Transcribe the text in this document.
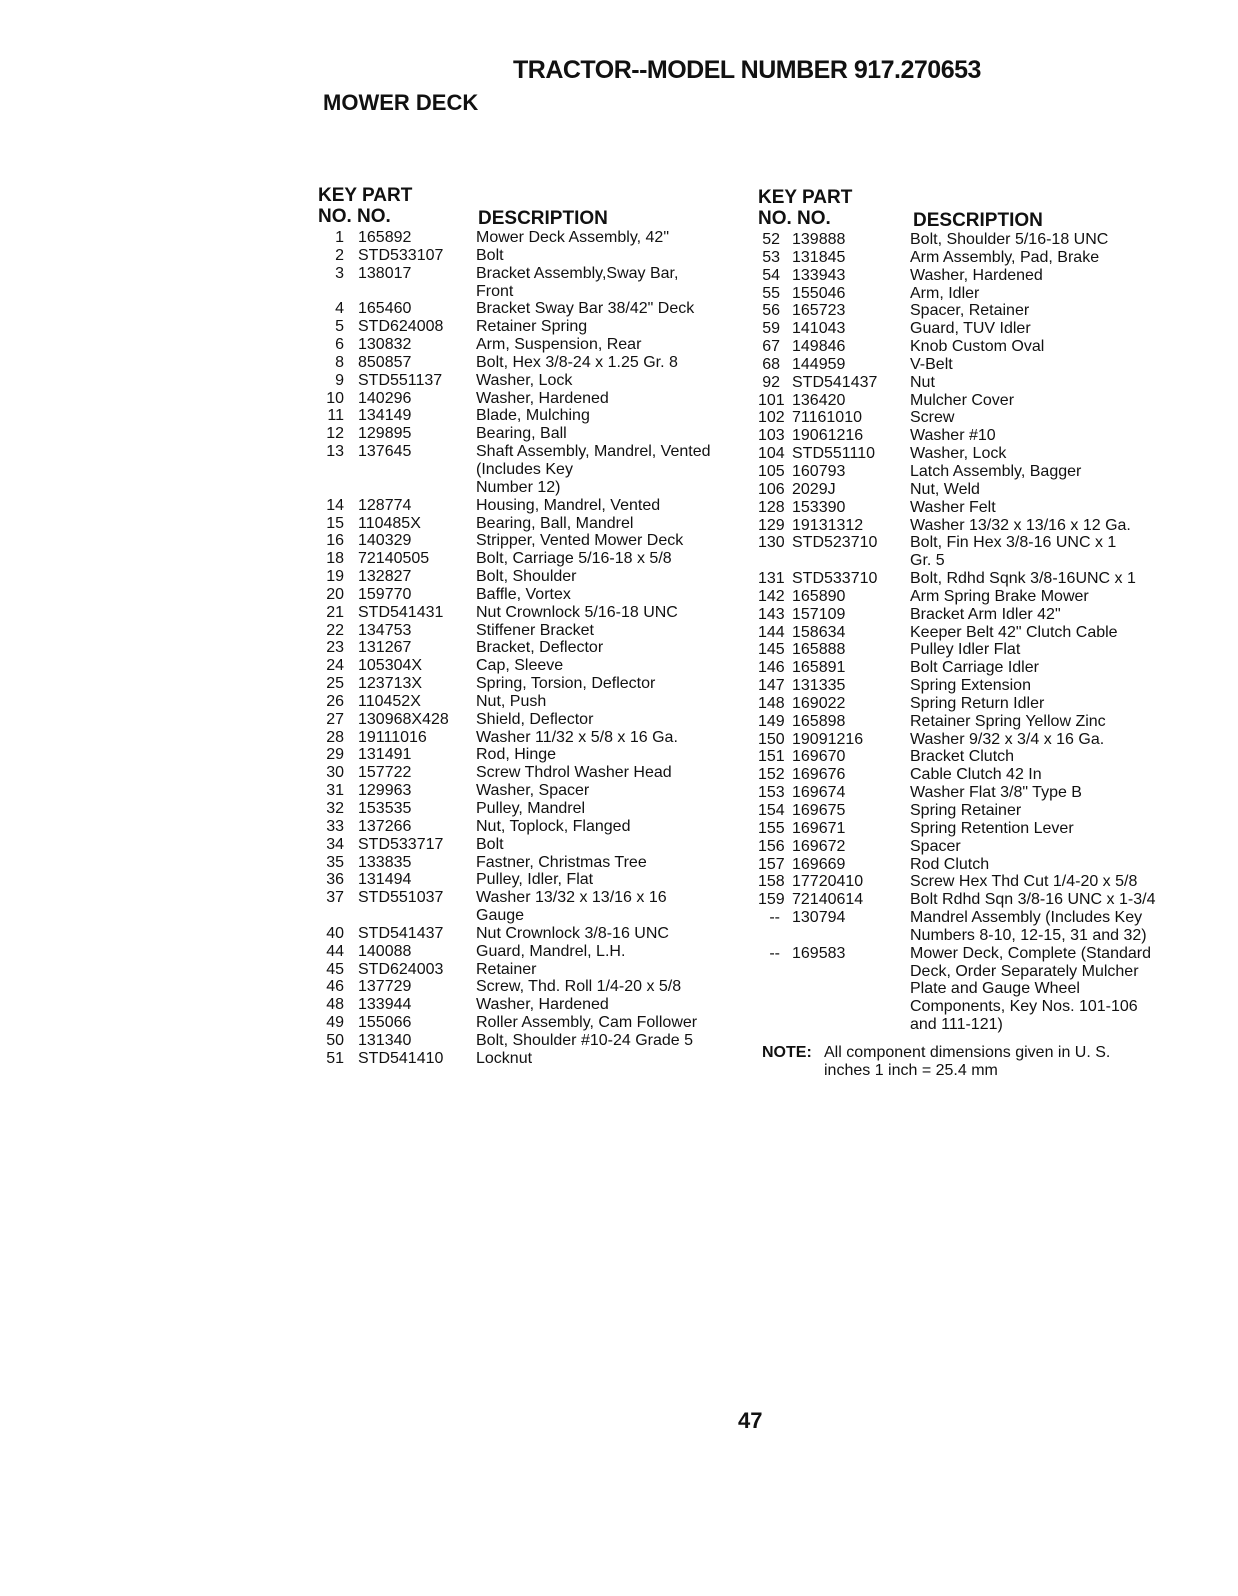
TRACTOR--MODEL NUMBER 917.270653
MOWER DECK
KEY PART
NO. NO.	DESCRIPTION
1 165892	Mower Deck Assembly, 42"
2 STD533107 Bolt
3 138017	Bracket Assembly,Sway Bar,
Front
4 165460	Bracket Sway Bar 38/42" Deck
5 STD624008 Retainer Spring
6 130832	Arm, Suspension, Rear
8 850857	Bolt, Hex 3/8-24 x 1.25 Gr. 8
9 STD551137 Washer, Lock
10 140296	Washer, Hardened
11 134149	Blade, Mulching
12 129895	Bearing, Ball
13 137645	Shaft Assembly, Mandrel, Vented
(Includes Key
Number 12)
14 128774	Housing, Mandrel, Vented
15 110485X	Bearing, Ball, Mandrel
16 140329	Stripper, Vented Mower Deck
18 72140505	Bolt, Carriage 5/16-18 x 5/8
19 132827	Bolt, Shoulder
20 159770	Baffle, Vortex
21 STD541431 Nut Crownlock 5/16-18 UNC
22 134753	Stiffener Bracket
23 131267	Bracket, Deflector
24 105304X	Cap, Sleeve
25 123713X	Spring, Torsion, Deflector
26 110452X	Nut, Push
27 130968X428 Shield, Deflector
28 19111016	Washer 11/32 x 5/8 x 16 Ga.
29 131491	Rod, Hinge
30 157722	Screw Thdrol Washer Head
31 129963	Washer, Spacer
32 153535	Pulley, Mandrel
33 137266	Nut, Toplock, Flanged
34 STD533717 Bolt
35 133835	Fastner, Christmas Tree
36 131494	Pulley, Idler, Flat
37 STD551037 Washer 13/32 x 13/16 x 16
Gauge
40 STD541437 Nut Crownlock 3/8-16 UNC
44 140088	Guard, Mandrel, L.H.
45 STD624003 Retainer
46 137729	Screw, Thd. Roll 1/4-20 x 5/8
48 133944	Washer, Hardened
49 155066	Roller Assembly, Cam Follower
50 131340	Bolt, Shoulder #10-24 Grade 5
51 STD541410 Locknut
KEY PART
NO. NO.	DESCRIPTION
52 139888	Bolt, Shoulder 5/16-18 UNC
53 131845	Arm Assembly, Pad, Brake
54 133943	Washer, Hardened
55 155046	Arm, Idler
56 165723	Spacer, Retainer
59 141043	Guard, TUV Idler
67 149846	Knob Custom Oval
68 144959	V-Belt
92 STD541437 Nut
101 136420	Mulcher Cover
102 71161010	Screw
103 19061216	Washer #10
104 STD551110 Washer, Lock
105 160793	Latch Assembly, Bagger
106 2029J	Nut, Weld
128 153390	Washer Felt
129 19131312	Washer 13/32 x 13/16 x 12 Ga.
130 STD523710 Bolt, Fin Hex 3/8-16 UNC x 1
Gr. 5
131 STD533710 Bolt, Rdhd Sqnk 3/8-16UNC x 1
142 165890	Arm Spring Brake Mower
143 157109	Bracket Arm Idler 42"
144 158634	Keeper Belt 42" Clutch Cable
145 165888	Pulley Idler Flat
146 165891	Bolt Carriage Idler
147 131335	Spring Extension
148 169022	Spring Return Idler
149 165898	Retainer Spring Yellow Zinc
150 19091216	Washer 9/32 x 3/4 x 16 Ga.
151 169670	Bracket Clutch
152 169676	Cable Clutch 42 In
153 169674	Washer Flat 3/8" Type B
154 169675	Spring Retainer
155 169671	Spring Retention Lever
156 169672	Spacer
157 169669	Rod Clutch
158 17720410	Screw Hex Thd Cut 1/4-20 x 5/8
159 72140614	Bolt Rdhd Sqn 3/8-16 UNC x 1-3/4
-- 130794	Mandrel Assembly (Includes Key
Numbers 8-10, 12-15, 31 and 32)
-- 169583	Mower Deck, Complete (Standard
Deck, Order Separately Mulcher
Plate and Gauge Wheel
Components, Key Nos. 101-106
and 111-121)
NOTE: All component dimensions given in U. S.
inches 1 inch = 25.4 mm
47
